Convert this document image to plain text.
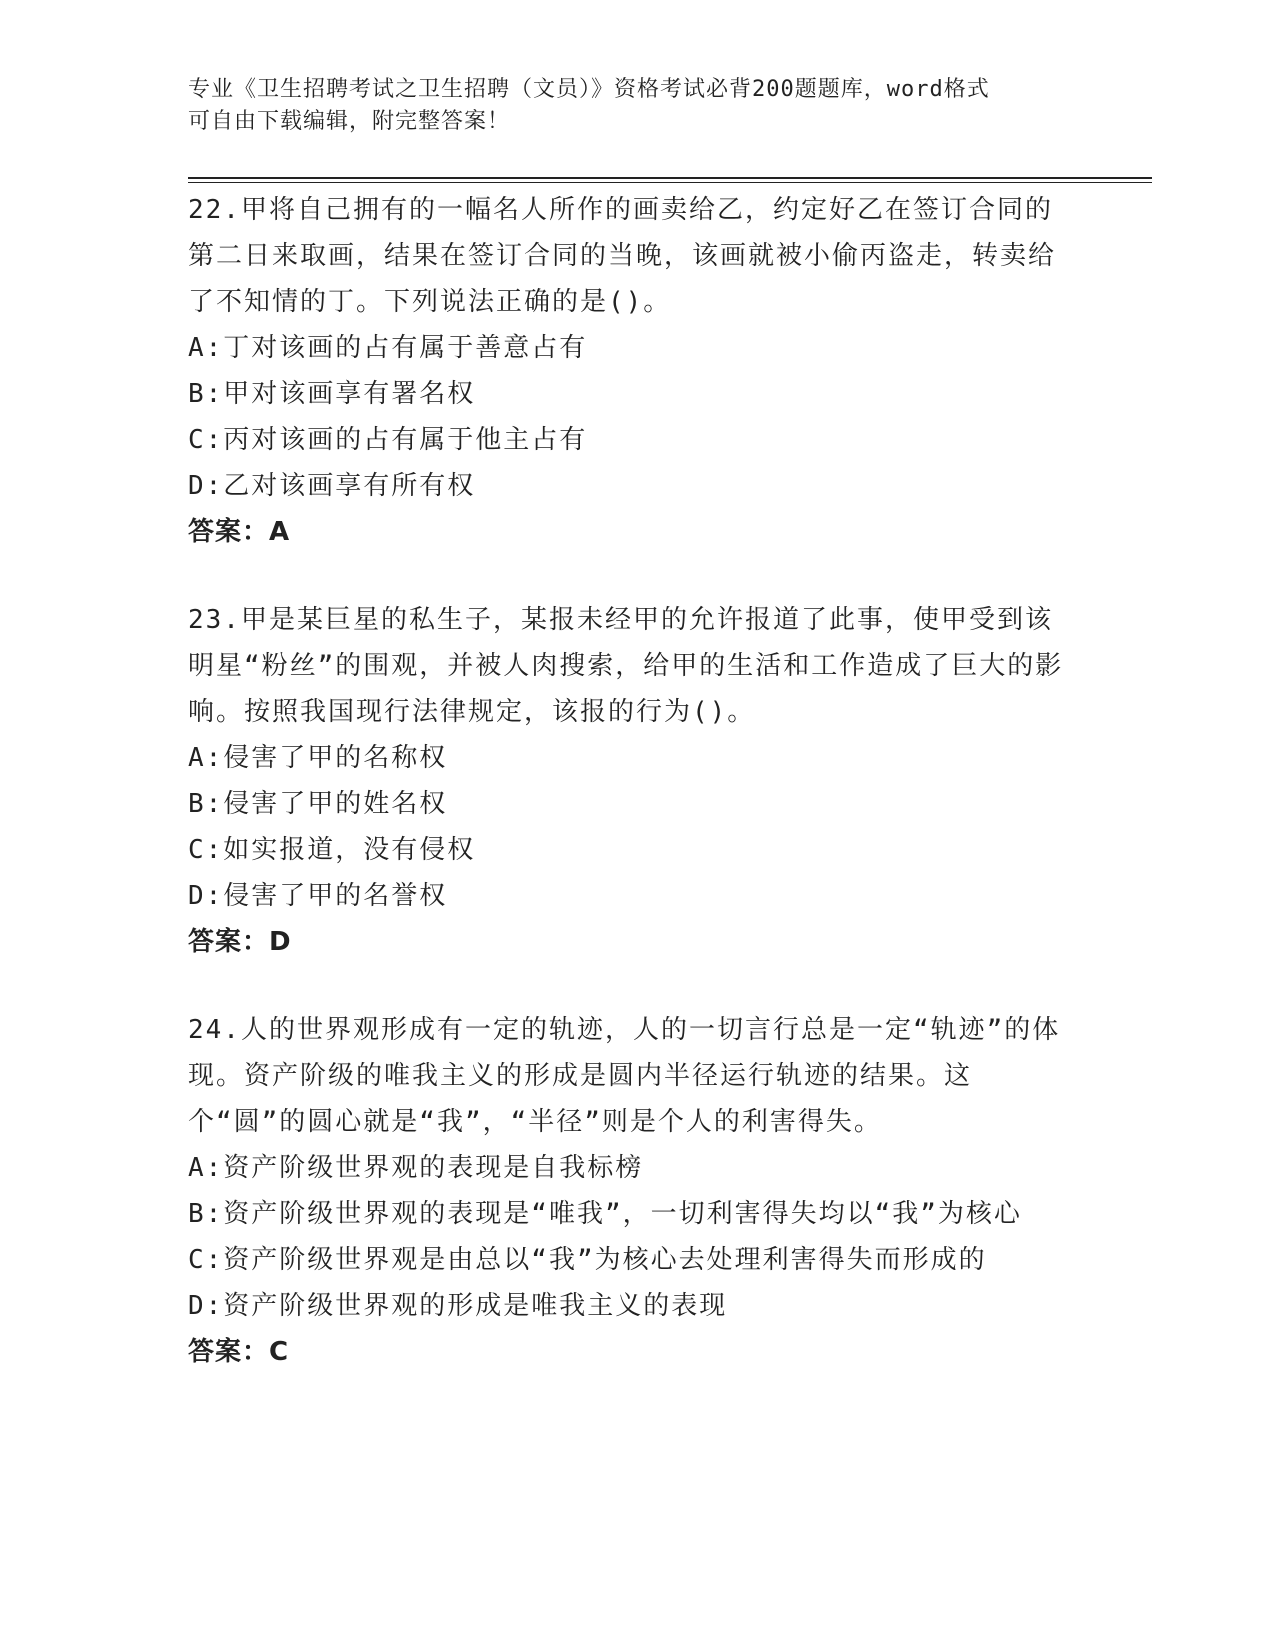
专业《卫生招聘考试之卫生招聘（文员）》资格考试必背200题题库，word格式
可自由下载编辑，附完整答案！

22.甲将自己拥有的一幅名人所作的画卖给乙，约定好乙在签订合同的第二日来取画，结果在签订合同的当晚，该画就被小偷丙盗走，转卖给了不知情的丁。下列说法正确的是()。

A:丁对该画的占有属于善意占有

B:甲对该画享有署名权

C:丙对该画的占有属于他主占有

D:乙对该画享有所有权

答案：A

23.甲是某巨星的私生子，某报未经甲的允许报道了此事，使甲受到该明星“粉丝”的围观，并被人肉搜索，给甲的生活和工作造成了巨大的影响。按照我国现行法律规定，该报的行为()。

A:侵害了甲的名称权

B:侵害了甲的姓名权

C:如实报道，没有侵权

D:侵害了甲的名誉权

答案：D

24.人的世界观形成有一定的轨迹，人的一切言行总是一定“轨迹”的体现。资产阶级的唯我主义的形成是圆内半径运行轨迹的结果。这个“圆”的圆心就是“我”，“半径”则是个人的利害得失。

A:资产阶级世界观的表现是自我标榜

B:资产阶级世界观的表现是“唯我”，一切利害得失均以“我”为核心

C:资产阶级世界观是由总以“我”为核心去处理利害得失而形成的

D:资产阶级世界观的形成是唯我主义的表现

答案：C
